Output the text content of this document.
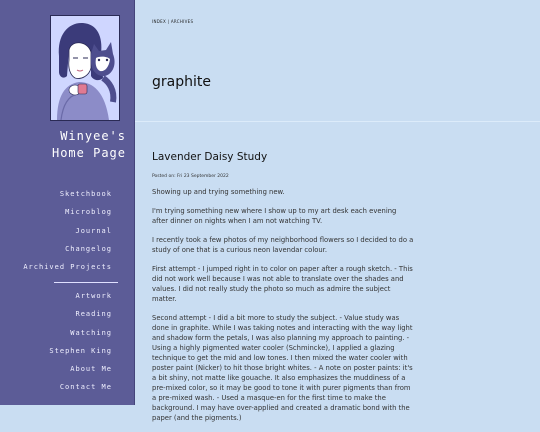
Winyee's
Home Page
Sketchbook
Microblog
Journal
Changelog
Archived Projects
Artwork
Reading
Watching
Stephen King
About Me
Contact Me
INDEX | ARCHIVES
graphite
Lavender Daisy Study
Posted on: Fri 23 September 2022

Showing up and trying something new.

I'm trying something new where I show up to my art desk each evening after dinner on nights when I am not watching TV.

I recently took a few photos of my neighborhood flowers so I decided to do a study of one that is a curious neon lavendar colour.

First attempt - I jumped right in to color on paper after a rough sketch. - This did not work well because I was not able to translate over the shades and values. I did not really study the photo so much as admire the subject matter.

Second attempt - I did a bit more to study the subject. - Value study was done in graphite. While I was taking notes and interacting with the way light and shadow form the petals, I was also planning my approach to painting. - Using a highly pigmented water cooler (Schmincke), I applied a glazing technique to get the mid and low tones. I then mixed the water cooler with poster paint (Nicker) to hit those bright whites. - A note on poster paints: it's a bit shiny, not matte like gouache. It also emphasizes the muddiness of a pre-mixed color, so it may be good to tone it with purer pigments than from a pre-mixed wash. - Used a masque-en for the first time to make the background. I may have over-applied and created a dramatic bond with the paper (and the pigments.)
